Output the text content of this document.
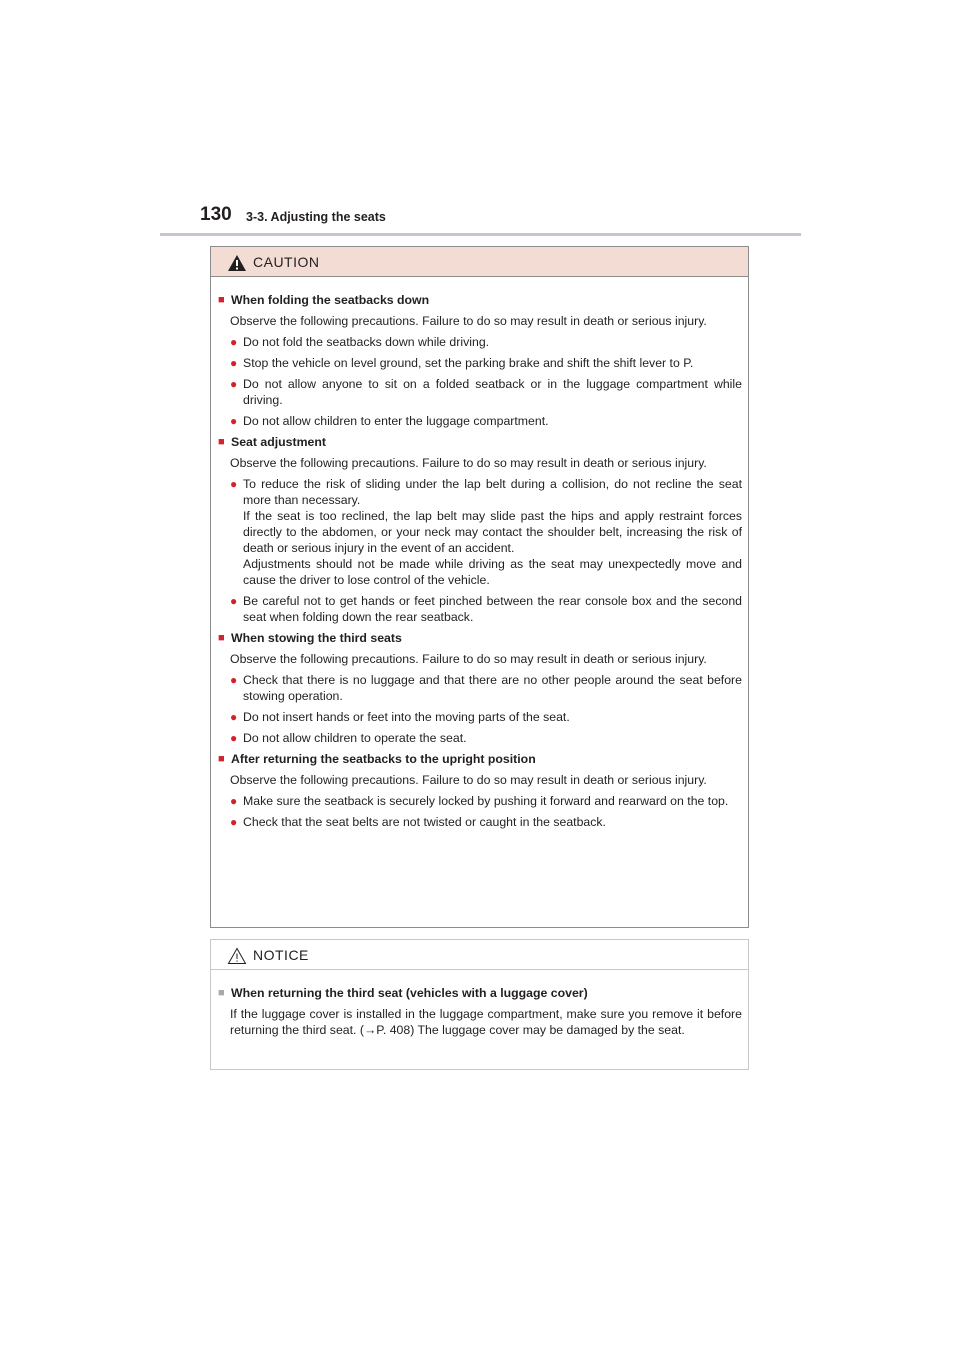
130 3-3. Adjusting the seats
CAUTION
■ When folding the seatbacks down
Observe the following precautions. Failure to do so may result in death or serious injury.
● Do not fold the seatbacks down while driving.
● Stop the vehicle on level ground, set the parking brake and shift the shift lever to P.
● Do not allow anyone to sit on a folded seatback or in the luggage compartment while driving.
● Do not allow children to enter the luggage compartment.
■ Seat adjustment
Observe the following precautions. Failure to do so may result in death or serious injury.
● To reduce the risk of sliding under the lap belt during a collision, do not recline the seat more than necessary.
If the seat is too reclined, the lap belt may slide past the hips and apply restraint forces directly to the abdomen, or your neck may contact the shoulder belt, increasing the risk of death or serious injury in the event of an accident.
Adjustments should not be made while driving as the seat may unexpectedly move and cause the driver to lose control of the vehicle.
● Be careful not to get hands or feet pinched between the rear console box and the second seat when folding down the rear seatback.
■ When stowing the third seats
Observe the following precautions. Failure to do so may result in death or serious injury.
● Check that there is no luggage and that there are no other people around the seat before stowing operation.
● Do not insert hands or feet into the moving parts of the seat.
● Do not allow children to operate the seat.
■ After returning the seatbacks to the upright position
Observe the following precautions. Failure to do so may result in death or serious injury.
● Make sure the seatback is securely locked by pushing it forward and rearward on the top.
● Check that the seat belts are not twisted or caught in the seatback.
NOTICE
■ When returning the third seat (vehicles with a luggage cover)
If the luggage cover is installed in the luggage compartment, make sure you remove it before returning the third seat. (→P. 408) The luggage cover may be damaged by the seat.
